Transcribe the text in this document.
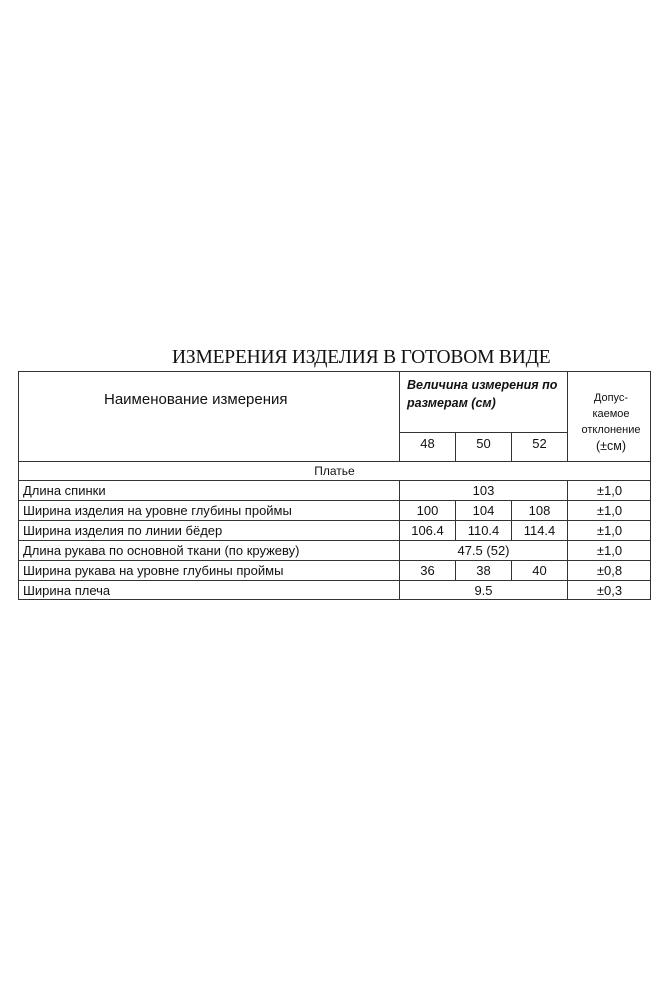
ИЗМЕРЕНИЯ ИЗДЕЛИЯ В ГОТОВОМ ВИДЕ
Наименование измерения
Величина измерения по
размерам (см)	Допус-
каемое
отклонение
(±см)
48	50	52
Платье
Длина спинки	103	±1,0
Ширина изделия на уровне глубины проймы	100	104	108	±1,0
Ширина изделия по линии бёдер	106.4	110.4	114.4	±1,0
Длина рукава по основной ткани (по кружеву)	47.5 (52)	±1,0
Ширина рукава на уровне глубины проймы	36	38	40	±0,8
Ширина плеча	9.5	±0,3
